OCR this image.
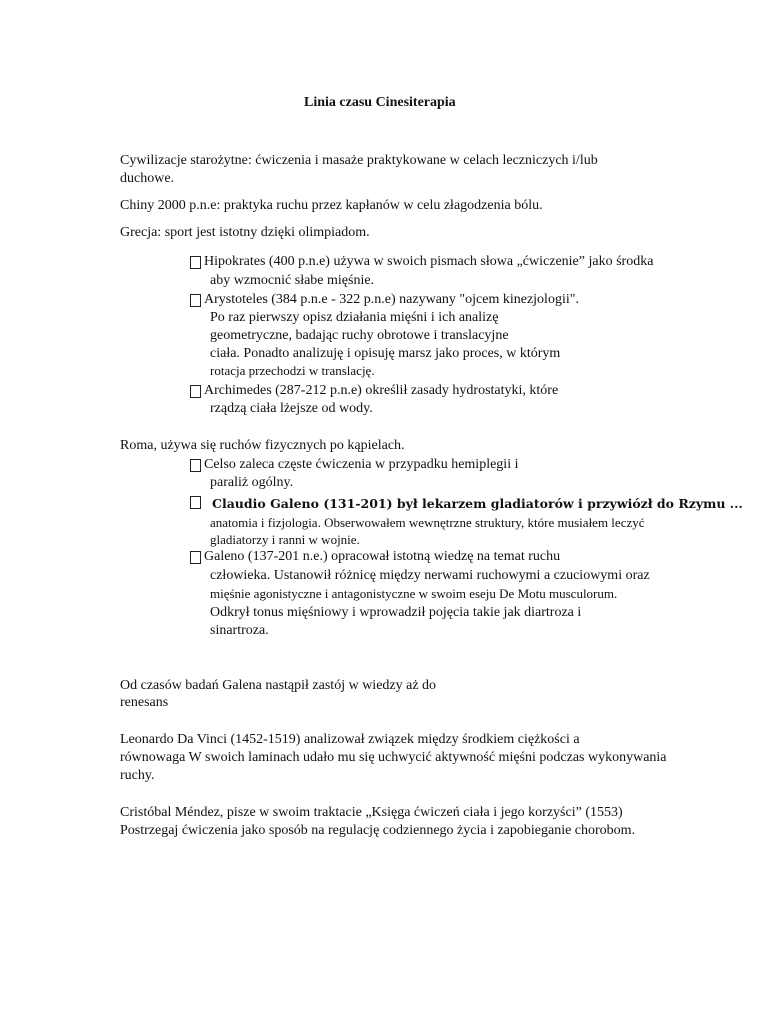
Linia czasu Cinesiterapia
Cywilizacje starożytne: ćwiczenia i masaże praktykowane w celach leczniczych i/lub
duchowe.
Chiny 2000 p.n.e: praktyka ruchu przez kapłanów w celu złagodzenia bólu.
Grecja: sport jest istotny dzięki olimpiadom.
Hipokrates (400 p.n.e) używa w swoich pismach słowa „ćwiczenie” jako środka
aby wzmocnić słabe mięśnie.
Arystoteles (384 p.n.e - 322 p.n.e) nazywany "ojcem kinezjologii".
Po raz pierwszy opisz działania mięśni i ich analizę
geometryczne, badając ruchy obrotowe i translacyjne
ciała. Ponadto analizuję i opisuję marsz jako proces, w którym
rotacja przechodzi w translację.
Archimedes (287-212 p.n.e) określił zasady hydrostatyki, które
rządzą ciała lżejsze od wody.
Roma, używa się ruchów fizycznych po kąpielach.
Celso zaleca częste ćwiczenia w przypadku hemiplegii i
paraliż ogólny.
Claudio Galeno (131-201) był lekarzem gladiatorów i przywiózł do Rzymu ...
anatomia i fizjologia. Obserwowałem wewnętrzne struktury, które musiałem leczyć
gladiatorzy i ranni w wojnie.
Galeno (137-201 n.e.) opracował istotną wiedzę na temat ruchu
człowieka. Ustanowił różnicę między nerwami ruchowymi a czuciowymi oraz
mięśnie agonistyczne i antagonistyczne w swoim eseju De Motu musculorum.
Odkrył tonus mięśniowy i wprowadził pojęcia takie jak diartroza i
sinartroza.
Od czasów badań Galena nastąpił zastój w wiedzy aż do
renesans
Leonardo Da Vinci (1452-1519) analizował związek między środkiem ciężkości a
równowaga W swoich laminach udało mu się uchwycić aktywność mięśni podczas wykonywania
ruchy.
Cristóbal Méndez, pisze w swoim traktacie „Księga ćwiczeń ciała i jego korzyści” (1553)
Postrzegaj ćwiczenia jako sposób na regulację codziennego życia i zapobieganie chorobom.
